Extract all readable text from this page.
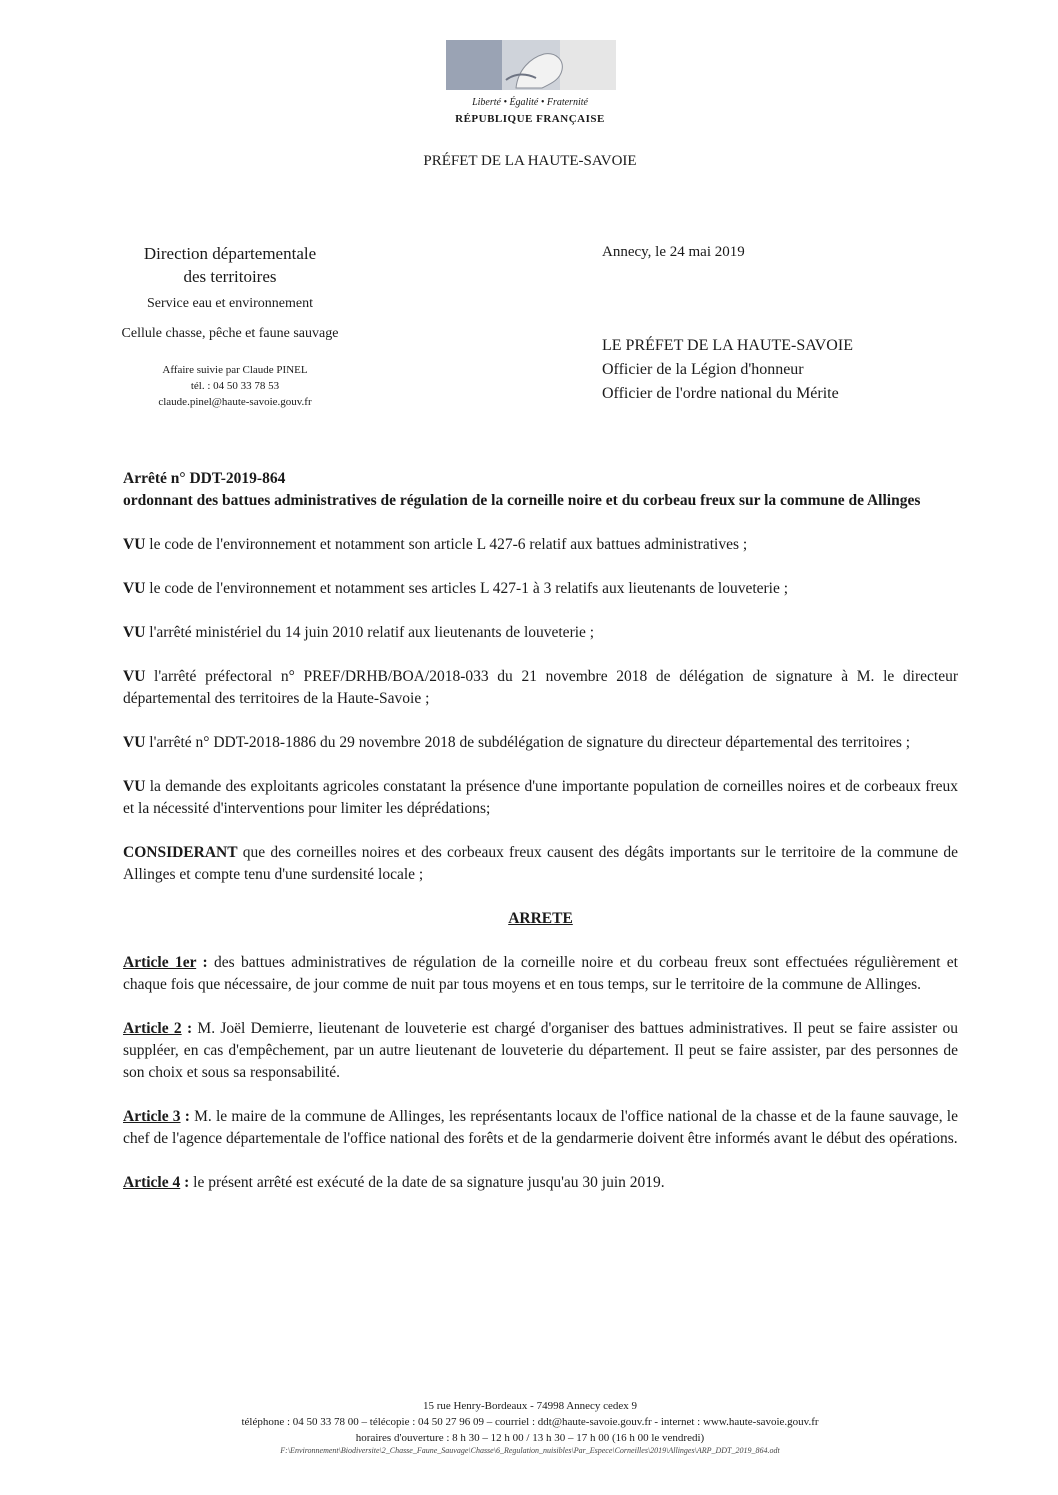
Liberté • Égalité • Fraternité
RÉPUBLIQUE FRANÇAISE
PRÉFET DE LA HAUTE-SAVOIE
Direction départementale
des territoires
Service eau et environnement
Cellule chasse, pêche et faune sauvage
Affaire suivie par Claude PINEL
tél. : 04 50 33 78 53
claude.pinel@haute-savoie.gouv.fr
Annecy, le 24 mai 2019
LE PRÉFET DE LA HAUTE-SAVOIE
Officier de la Légion d'honneur
Officier de l'ordre national du Mérite
Arrêté n° DDT-2019-864
ordonnant des battues administratives de régulation de la corneille noire et du corbeau freux sur la commune de Allinges
VU le code de l'environnement et notamment son article L 427-6 relatif aux battues administratives ;
VU le code de l'environnement et notamment ses articles L 427-1 à 3 relatifs aux lieutenants de louveterie ;
VU l'arrêté ministériel du 14 juin 2010 relatif aux lieutenants de louveterie ;
VU l'arrêté préfectoral n° PREF/DRHB/BOA/2018-033 du 21 novembre 2018 de délégation de signature à M. le directeur départemental des territoires de la Haute-Savoie ;
VU l'arrêté n° DDT-2018-1886 du 29 novembre 2018 de subdélégation de signature du directeur départemental des territoires ;
VU la demande des exploitants agricoles constatant la présence d'une importante population de corneilles noires et de corbeaux freux et la nécessité d'interventions pour limiter les déprédations;
CONSIDERANT que des corneilles noires et des corbeaux freux causent des dégâts importants sur le territoire de la commune de Allinges et compte tenu d'une surdensité locale ;
ARRETE
Article 1er : des battues administratives de régulation de la corneille noire et du corbeau freux sont effectuées régulièrement et chaque fois que nécessaire, de jour comme de nuit par tous moyens et en tous temps, sur le territoire de la commune de Allinges.
Article 2 : M. Joël Demierre, lieutenant de louveterie est chargé d'organiser des battues administratives. Il peut se faire assister ou suppléer, en cas d'empêchement, par un autre lieutenant de louveterie du département. Il peut se faire assister, par des personnes de son choix et sous sa responsabilité.
Article 3 : M. le maire de la commune de Allinges, les représentants locaux de l'office national de la chasse et de la faune sauvage, le chef de l'agence départementale de l'office national des forêts et de la gendarmerie doivent être informés avant le début des opérations.
Article 4 : le présent arrêté est exécuté de la date de sa signature jusqu'au 30 juin 2019.
15 rue Henry-Bordeaux - 74998 Annecy cedex 9
téléphone : 04 50 33 78 00 – télécopie : 04 50 27 96 09 – courriel : ddt@haute-savoie.gouv.fr - internet : www.haute-savoie.gouv.fr
horaires d'ouverture : 8 h 30 – 12 h 00 / 13 h 30 – 17 h 00 (16 h 00 le vendredi)
F:\Environnement\Biodiversite\2_Chasse_Faune_Sauvage\Chasse\6_Regulation_nuisibles\Par_Espece\Corneilles\2019\Allinges\ARP_DDT_2019_864.odt
